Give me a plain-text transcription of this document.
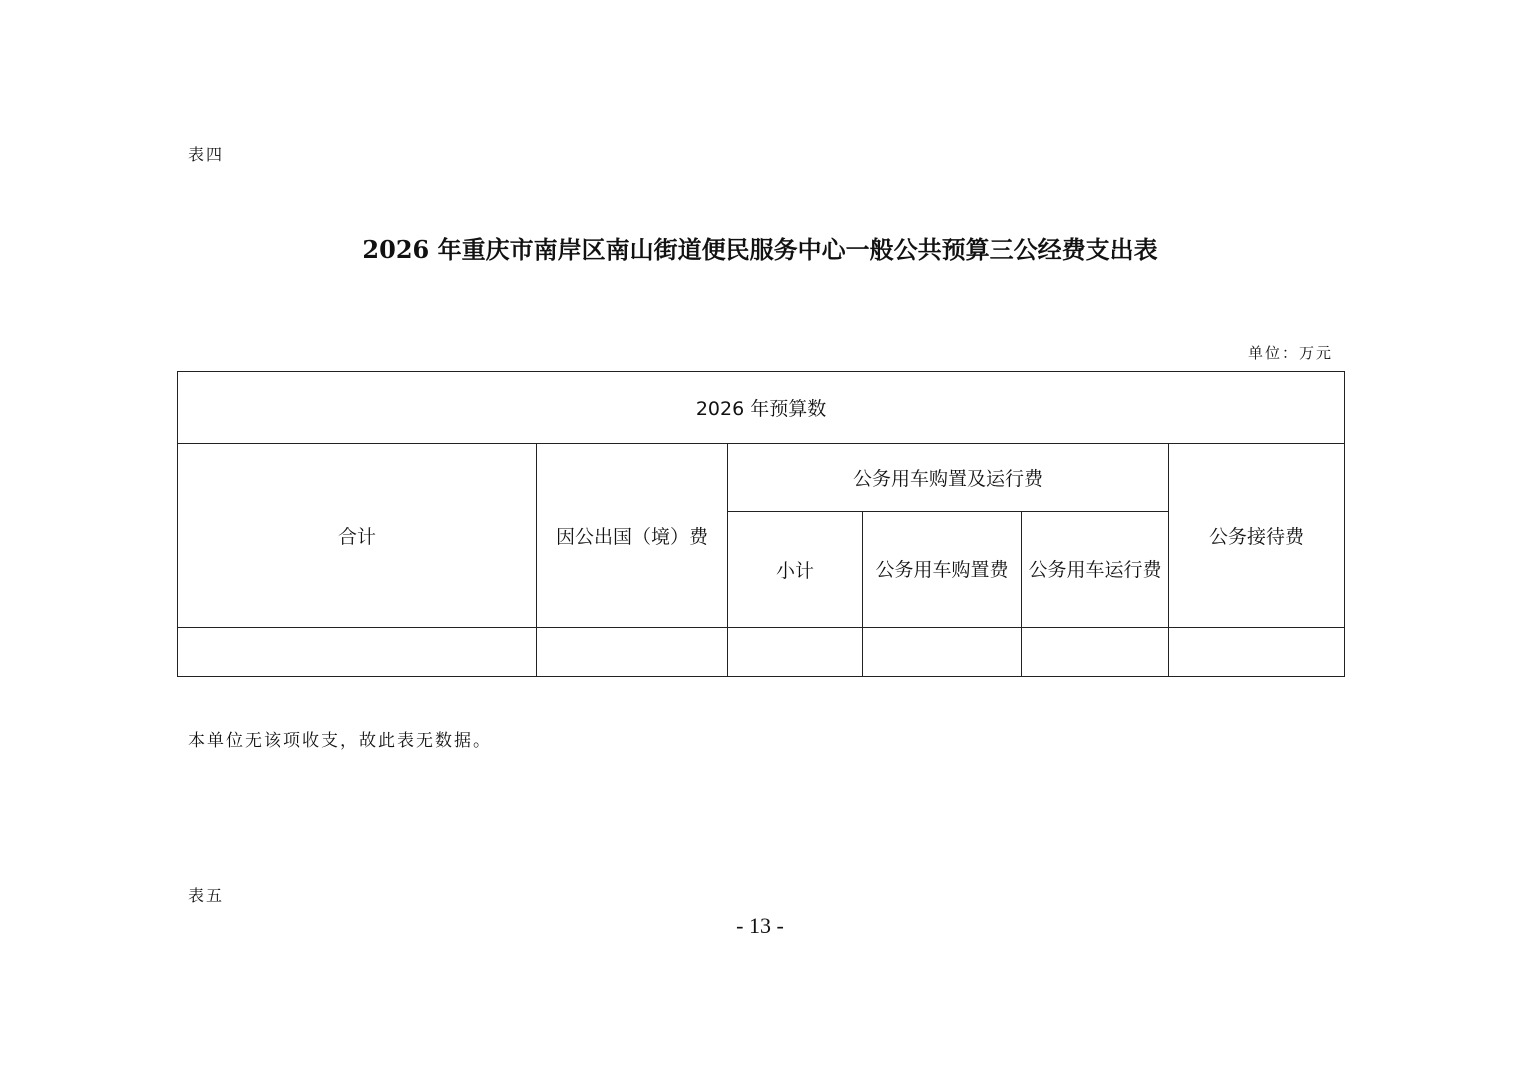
表四
2026 年重庆市南岸区南山街道便民服务中心一般公共预算三公经费支出表
单位：万元
2026 年预算数					
合计	因公出国（境）费	公务用车购置及运行费			公务接待费
		小计	公务用车购置费	公务用车运行费	

本单位无该项收支，故此表无数据。
表五
- 13 -
